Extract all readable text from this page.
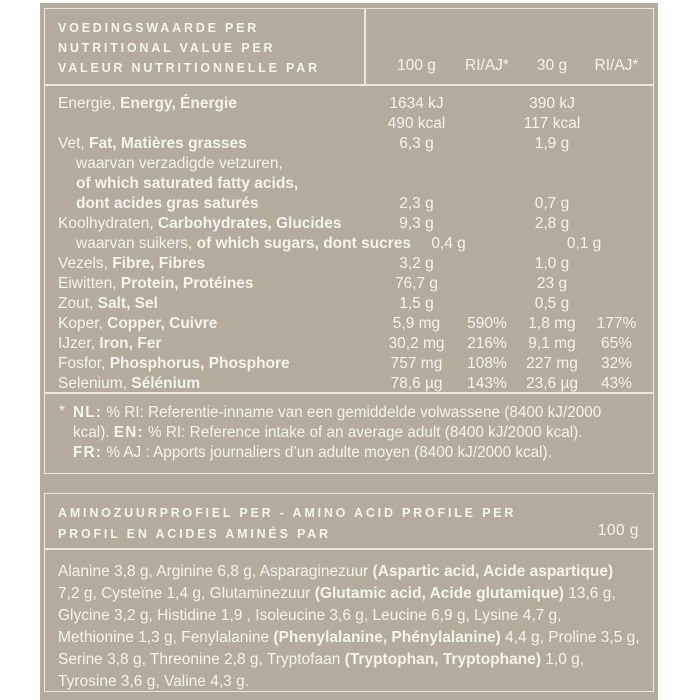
VOEDINGSWAARDE PER
NUTRITIONAL VALUE PER
VALEUR NUTRITIONNELLE PAR	100 g	RI/AJ*	30 g	RI/AJ*
Energie, Energy, Énergie	1634 kJ	390 kJ
490 kcal	117 kcal
Vet, Fat, Matières grasses	6,3 g	1,9 g
waarvan verzadigde vetzuren,
of which saturated fatty acids,
dont acides gras saturés	2,3 g	0,7 g
Koolhydraten, Carbohydrates, Glucides	9,3 g	2,8 g
waarvan suikers, of which sugars, dont sucres	0,4 g	0,1 g
Vezels, Fibre, Fibres	3,2 g	1,0 g
Eiwitten, Protein, Protéines	76,7 g	23 g
Zout, Salt, Sel	1,5 g	0,5 g
Koper, Copper, Cuivre	5,9 mg	590%	1,8 mg	177%
IJzer, Iron, Fer	30,2 mg	216%	9,1 mg	65%
Fosfor, Phosphorus, Phosphore	757 mg	108%	227 mg	32%
Selenium, Sélénium	78,6 µg	143%	23,6 µg	43%
* NL: % RI: Referentie-inname van een gemiddelde volwassene (8400 kJ/2000
kcal). EN: % RI: Reference intake of an average adult (8400 kJ/2000 kcal).
FR: % AJ : Apports journaliers d’un adulte moyen (8400 kJ/2000 kcal).
AMINOZUURPROFIEL PER - AMINO ACID PROFILE PER
PROFIL EN ACIDES AMINÉS PAR	100 g
Alanine 3,8 g, Arginine 6,8 g, Asparaginezuur (Aspartic acid, Acide aspartique)
7,2 g, Cysteïne 1,4 g, Glutaminezuur (Glutamic acid, Acide glutamique) 13,6 g,
Glycine 3,2 g, Histidine 1,9 , Isoleucine 3,6 g, Leucine 6,9 g, Lysine 4,7 g,
Methionine 1,3 g, Fenylalanine (Phenylalanine, Phénylalanine) 4,4 g, Proline 3,5 g,
Serine 3,8 g, Threonine 2,8 g, Tryptofaan (Tryptophan, Tryptophane) 1,0 g,
Tyrosine 3,6 g, Valine 4,3 g.
